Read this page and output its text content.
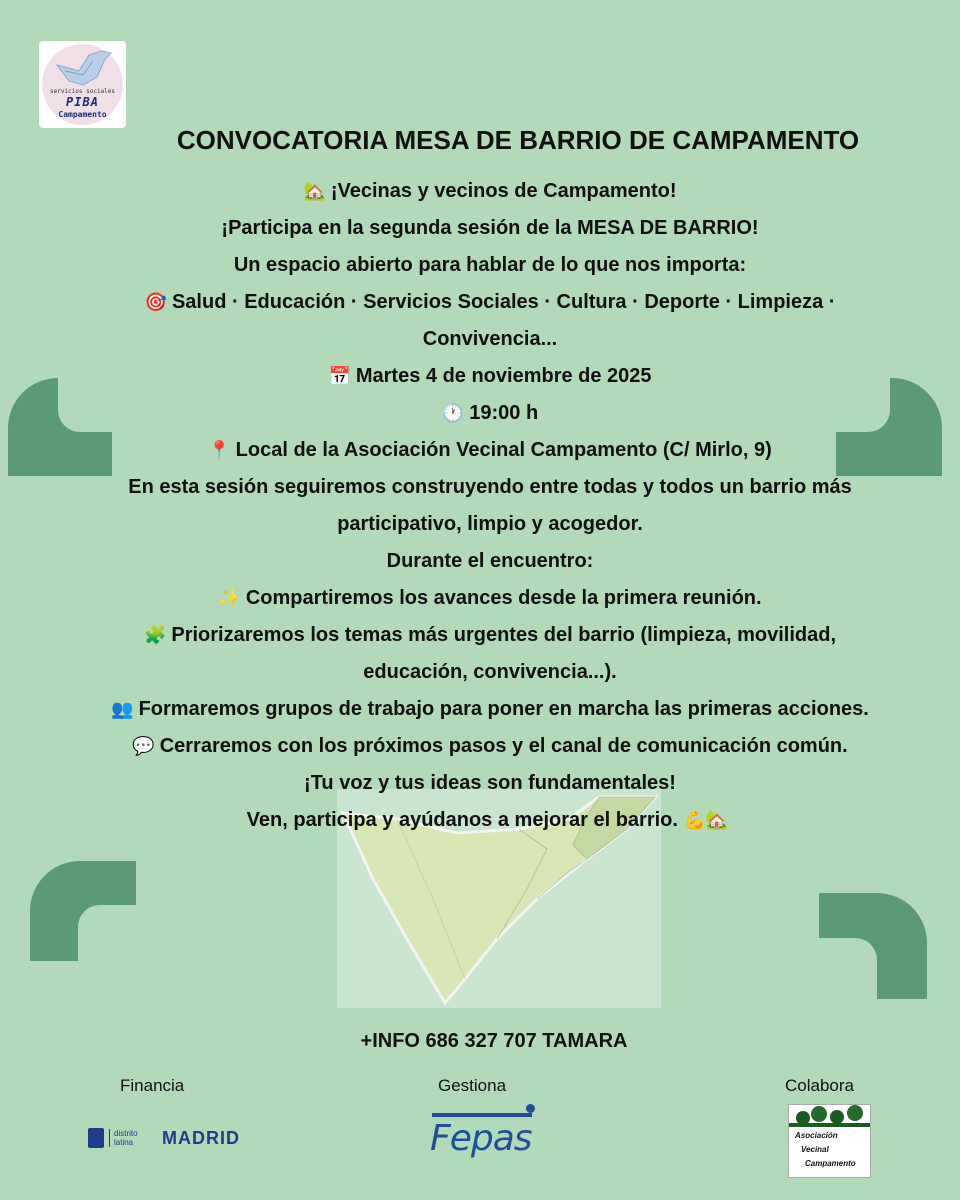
servicios sociales
PIBA
Campamento
CONVOCATORIA MESA DE BARRIO DE CAMPAMENTO
🏡 ¡Vecinas y vecinos de Campamento!
¡Participa en la segunda sesión de la MESA DE BARRIO!
Un espacio abierto para hablar de lo que nos importa:
🎯 Salud · Educación · Servicios Sociales · Cultura · Deporte · Limpieza · Convivencia...
📅 Martes 4 de noviembre de 2025
🕐 19:00 h
📍 Local de la Asociación Vecinal Campamento (C/ Mirlo, 9)
En esta sesión seguiremos construyendo entre todas y todos un barrio más participativo, limpio y acogedor.
Durante el encuentro:
✨ Compartiremos los avances desde la primera reunión.
🧩 Priorizaremos los temas más urgentes del barrio (limpieza, movilidad, educación, convivencia...).
👥 Formaremos grupos de trabajo para poner en marcha las primeras acciones.
💬 Cerraremos con los próximos pasos y el canal de comunicación común.
¡Tu voz y tus ideas son fundamentales!
Ven, participa y ayúdanos a mejorar el barrio. 💪🏡
+INFO 686 327 707 TAMARA
Financia	Gestiona	Colabora
distrito latina	MADRID	Fepas	Asociación
Vecinal
Campamento
